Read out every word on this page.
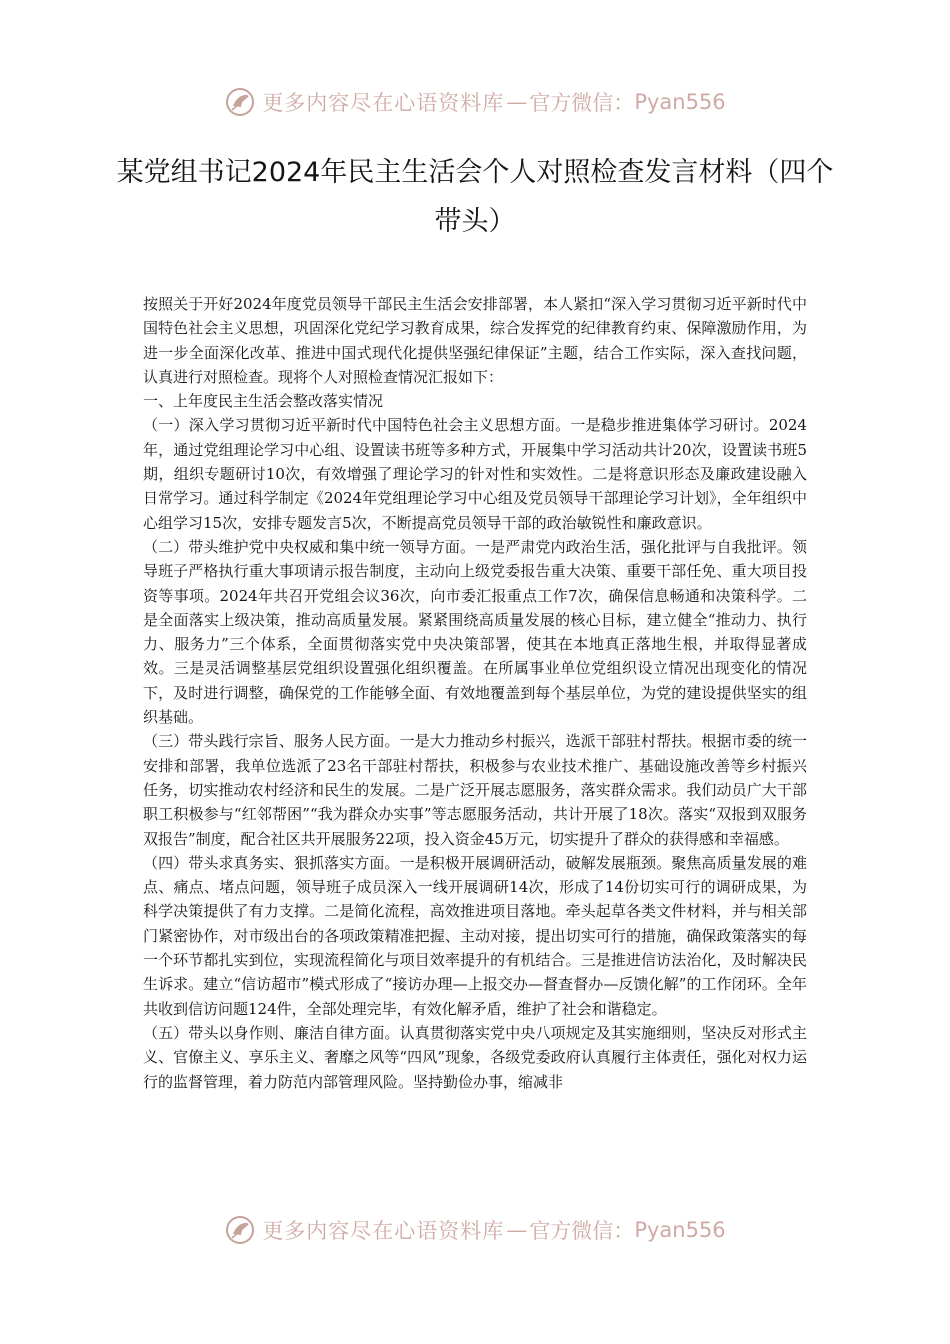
更多内容尽在心语资料库 — 官方微信： Pyan556
某党组书记2024年民主生活会个人对照检查发言材料（四个带头）

按照关于开好2024年度党员领导干部民主生活会安排部署，本人紧扣“深入学习贯彻习近平新时代中国特色社会主义思想，巩固深化党纪学习教育成果，综合发挥党的纪律教育约束、保障激励作用，为进一步全面深化改革、推进中国式现代化提供坚强纪律保证”主题，结合工作实际，深入查找问题，认真进行对照检查。现将个人对照检查情况汇报如下：

一、上年度民主生活会整改落实情况

（一）深入学习贯彻习近平新时代中国特色社会主义思想方面。一是稳步推进集体学习研讨。2024年，通过党组理论学习中心组、设置读书班等多种方式，开展集中学习活动共计20次，设置读书班5期，组织专题研讨10次，有效增强了理论学习的针对性和实效性。二是将意识形态及廉政建设融入日常学习。通过科学制定《2024年党组理论学习中心组及党员领导干部理论学习计划》，全年组织中心组学习15次，安排专题发言5次，不断提高党员领导干部的政治敏锐性和廉政意识。

（二）带头维护党中央权威和集中统一领导方面。一是严肃党内政治生活，强化批评与自我批评。领导班子严格执行重大事项请示报告制度，主动向上级党委报告重大决策、重要干部任免、重大项目投资等事项。2024年共召开党组会议36次，向市委汇报重点工作7次，确保信息畅通和决策科学。二是全面落实上级决策，推动高质量发展。紧紧围绕高质量发展的核心目标，建立健全“推动力、执行力、服务力”三个体系，全面贯彻落实党中央决策部署，使其在本地真正落地生根，并取得显著成效。三是灵活调整基层党组织设置强化组织覆盖。在所属事业单位党组织设立情况出现变化的情况下，及时进行调整，确保党的工作能够全面、有效地覆盖到每个基层单位，为党的建设提供坚实的组织基础。

（三）带头践行宗旨、服务人民方面。一是大力推动乡村振兴，选派干部驻村帮扶。根据市委的统一安排和部署，我单位选派了23名干部驻村帮扶，积极参与农业技术推广、基础设施改善等乡村振兴任务，切实推动农村经济和民生的发展。二是广泛开展志愿服务，落实群众需求。我们动员广大干部职工积极参与“红邻帮困”“我为群众办实事”等志愿服务活动，共计开展了18次。落实“双报到双服务双报告”制度，配合社区共开展服务22项，投入资金45万元，切实提升了群众的获得感和幸福感。

（四）带头求真务实、狠抓落实方面。一是积极开展调研活动，破解发展瓶颈。聚焦高质量发展的难点、痛点、堵点问题，领导班子成员深入一线开展调研14次，形成了14份切实可行的调研成果，为科学决策提供了有力支撑。二是简化流程，高效推进项目落地。牵头起草各类文件材料，并与相关部门紧密协作，对市级出台的各项政策精准把握、主动对接，提出切实可行的措施，确保政策落实的每一个环节都扎实到位，实现流程简化与项目效率提升的有机结合。三是推进信访法治化，及时解决民生诉求。建立“信访超市”模式形成了“接访办理—上报交办—督查督办—反馈化解”的工作闭环。全年共收到信访问题124件，全部处理完毕，有效化解矛盾，维护了社会和谐稳定。

（五）带头以身作则、廉洁自律方面。认真贯彻落实党中央八项规定及其实施细则，坚决反对形式主义、官僚主义、享乐主义、奢靡之风等“四风”现象，各级党委政府认真履行主体责任，强化对权力运行的监督管理，着力防范内部管理风险。坚持勤俭办事，缩减非

更多内容尽在心语资料库 — 官方微信： Pyan556
